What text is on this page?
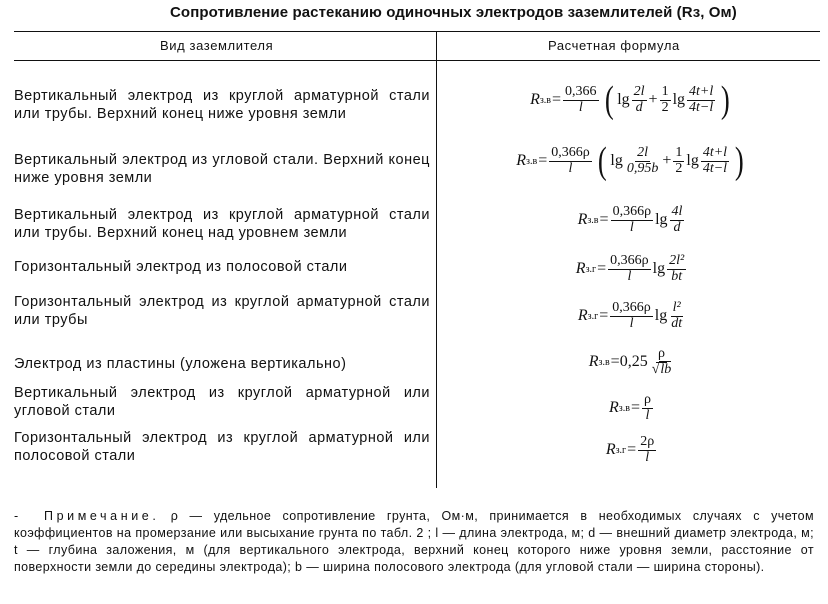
Сопротивление растеканию одиночных электродов заземлителей (Rз, Ом)
Вид заземлителя	Расчетная формула
Вертикальный электрод из круглой арматурной стали или трубы. Верхний конец ниже уровня земли
Вертикальный электрод из угловой стали. Верхний конец ниже уровня земли
Вертикальный электрод из круглой арматурной стали или трубы. Верхний конец над уровнем земли
Горизонтальный электрод из полосовой стали
Горизонтальный электрод из круглой арматурной стали или трубы
Электрод из пластины (уложена вертикально)
Вертикальный электрод из круглой арматурной или угловой стали
Горизонтальный электрод из круглой арматурной или полосовой стали
R $з.в = \frac{0,366}{l}$ ( $\lg \frac{2l}{d} + \frac{1}{2}$ $\lg \frac{4t+l}{4t-l}$ )
R $з.в = \frac{0,366\rho}{l}$ ( $\lg \frac{2l}{0,95b} + \frac{1}{2}$ $\lg \frac{4t+l}{4t-l}$ )
R $з.в = \frac{0,366\rho}{l}$ $\lg \frac{4l}{d}$
R $з.г = \frac{0,366\rho}{l}$ $\lg \frac{\text{2l²}}{bt}$
R $з.г = \frac{0,366\rho}{l}$ $\lg \frac{\text{l²}}{dt}$
R $з.в =0,25 \frac{\rho}{√lb}$
R $з.в = \frac{\rho}{l}$
R $з.г = \frac{2\rho}{l}$
- Примечание. ρ — удельное сопротивление грунта, Ом·м, принимается в необходимых случаях с учетом коэффициентов на промерзание или высыхание грунта по табл. 2 ; l — длина электрода, м; d — внешний диаметр электрода, м; t — глубина заложения, м (для вертикального электрода, верхний конец которого ниже уровня земли, расстояние от поверхности земли до середины электрода); b — ширина полосового электрода (для угловой стали — ширина стороны).
